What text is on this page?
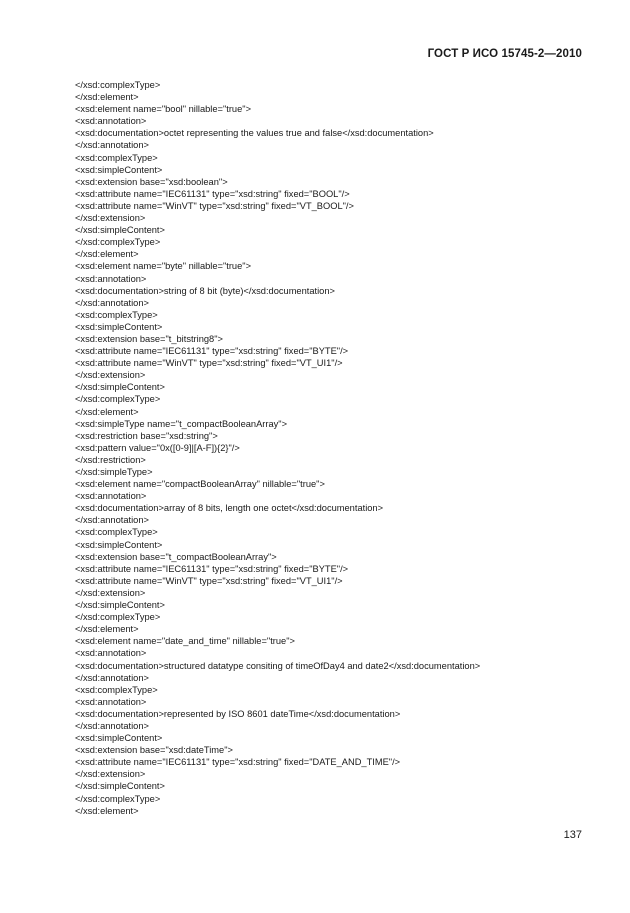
ГОСТ Р ИСО 15745-2—2010
</xsd:complexType>
</xsd:element>
<xsd:element name="bool" nillable="true">
<xsd:annotation>
<xsd:documentation>octet representing the values true and false</xsd:documentation>
</xsd:annotation>
<xsd:complexType>
<xsd:simpleContent>
<xsd:extension base="xsd:boolean">
<xsd:attribute name="IEC61131" type="xsd:string" fixed="BOOL"/>
<xsd:attribute name="WinVT" type="xsd:string" fixed="VT_BOOL"/>
</xsd:extension>
</xsd:simpleContent>
</xsd:complexType>
</xsd:element>
<xsd:element name="byte" nillable="true">
<xsd:annotation>
<xsd:documentation>string of 8 bit (byte)</xsd:documentation>
</xsd:annotation>
<xsd:complexType>
<xsd:simpleContent>
<xsd:extension base="t_bitstring8">
<xsd:attribute name="IEC61131" type="xsd:string" fixed="BYTE"/>
<xsd:attribute name="WinVT" type="xsd:string" fixed="VT_UI1"/>
</xsd:extension>
</xsd:simpleContent>
</xsd:complexType>
</xsd:element>
<xsd:simpleType name="t_compactBooleanArray">
<xsd:restriction base="xsd:string">
<xsd:pattern value="0x([0-9]|[A-F]){2}"/>
</xsd:restriction>
</xsd:simpleType>
<xsd:element name="compactBooleanArray" nillable="true">
<xsd:annotation>
<xsd:documentation>array of 8 bits, length one octet</xsd:documentation>
</xsd:annotation>
<xsd:complexType>
<xsd:simpleContent>
<xsd:extension base="t_compactBooleanArray">
<xsd:attribute name="IEC61131" type="xsd:string" fixed="BYTE"/>
<xsd:attribute name="WinVT" type="xsd:string" fixed="VT_UI1"/>
</xsd:extension>
</xsd:simpleContent>
</xsd:complexType>
</xsd:element>
<xsd:element name="date_and_time" nillable="true">
<xsd:annotation>
<xsd:documentation>structured datatype consiting of timeOfDay4 and date2</xsd:documentation>
</xsd:annotation>
<xsd:complexType>
<xsd:annotation>
<xsd:documentation>represented by ISO 8601 dateTime</xsd:documentation>
</xsd:annotation>
<xsd:simpleContent>
<xsd:extension base="xsd:dateTime">
<xsd:attribute name="IEC61131" type="xsd:string" fixed="DATE_AND_TIME"/>
</xsd:extension>
</xsd:simpleContent>
</xsd:complexType>
</xsd:element>
137
